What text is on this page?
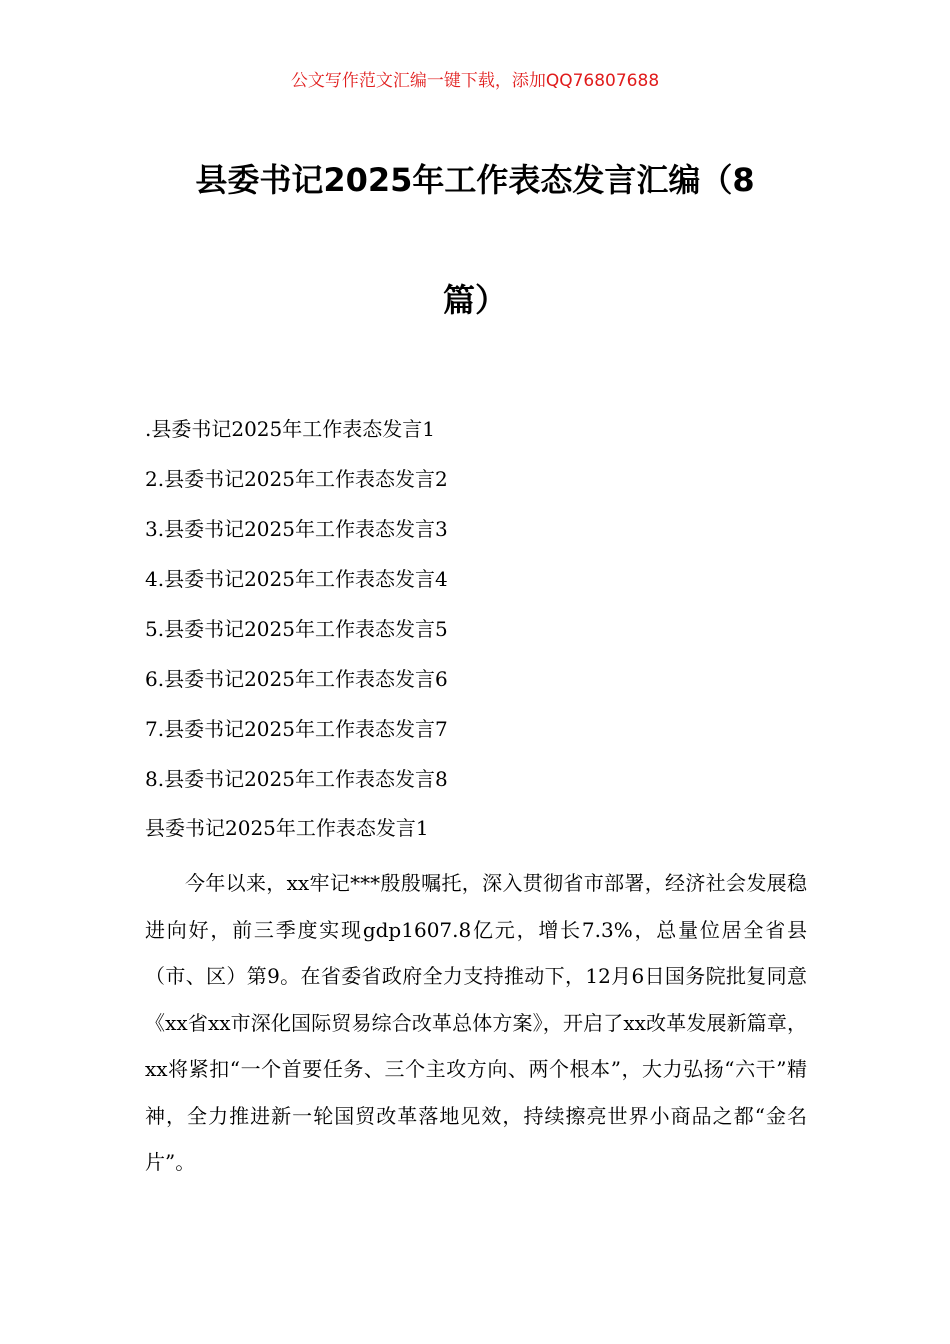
公文写作范文汇编一键下载，添加QQ76807688
县委书记2025年工作表态发言汇编（8
篇）
.县委书记2025年工作表态发言1
2.县委书记2025年工作表态发言2
3.县委书记2025年工作表态发言3
4.县委书记2025年工作表态发言4
5.县委书记2025年工作表态发言5
6.县委书记2025年工作表态发言6
7.县委书记2025年工作表态发言7
8.县委书记2025年工作表态发言8
县委书记2025年工作表态发言1

今年以来，xx牢记***殷殷嘱托，深入贯彻省市部署，经济社会发展稳进向好，前三季度实现gdp1607.8亿元，增长7.3%，总量位居全省县（市、区）第9。在省委省政府全力支持推动下，12月6日国务院批复同意《xx省xx市深化国际贸易综合改革总体方案》，开启了xx改革发展新篇章，xx将紧扣“一个首要任务、三个主攻方向、两个根本”，大力弘扬“六干”精神，全力推进新一轮国贸改革落地见效，持续擦亮世界小商品之都“金名片”。
